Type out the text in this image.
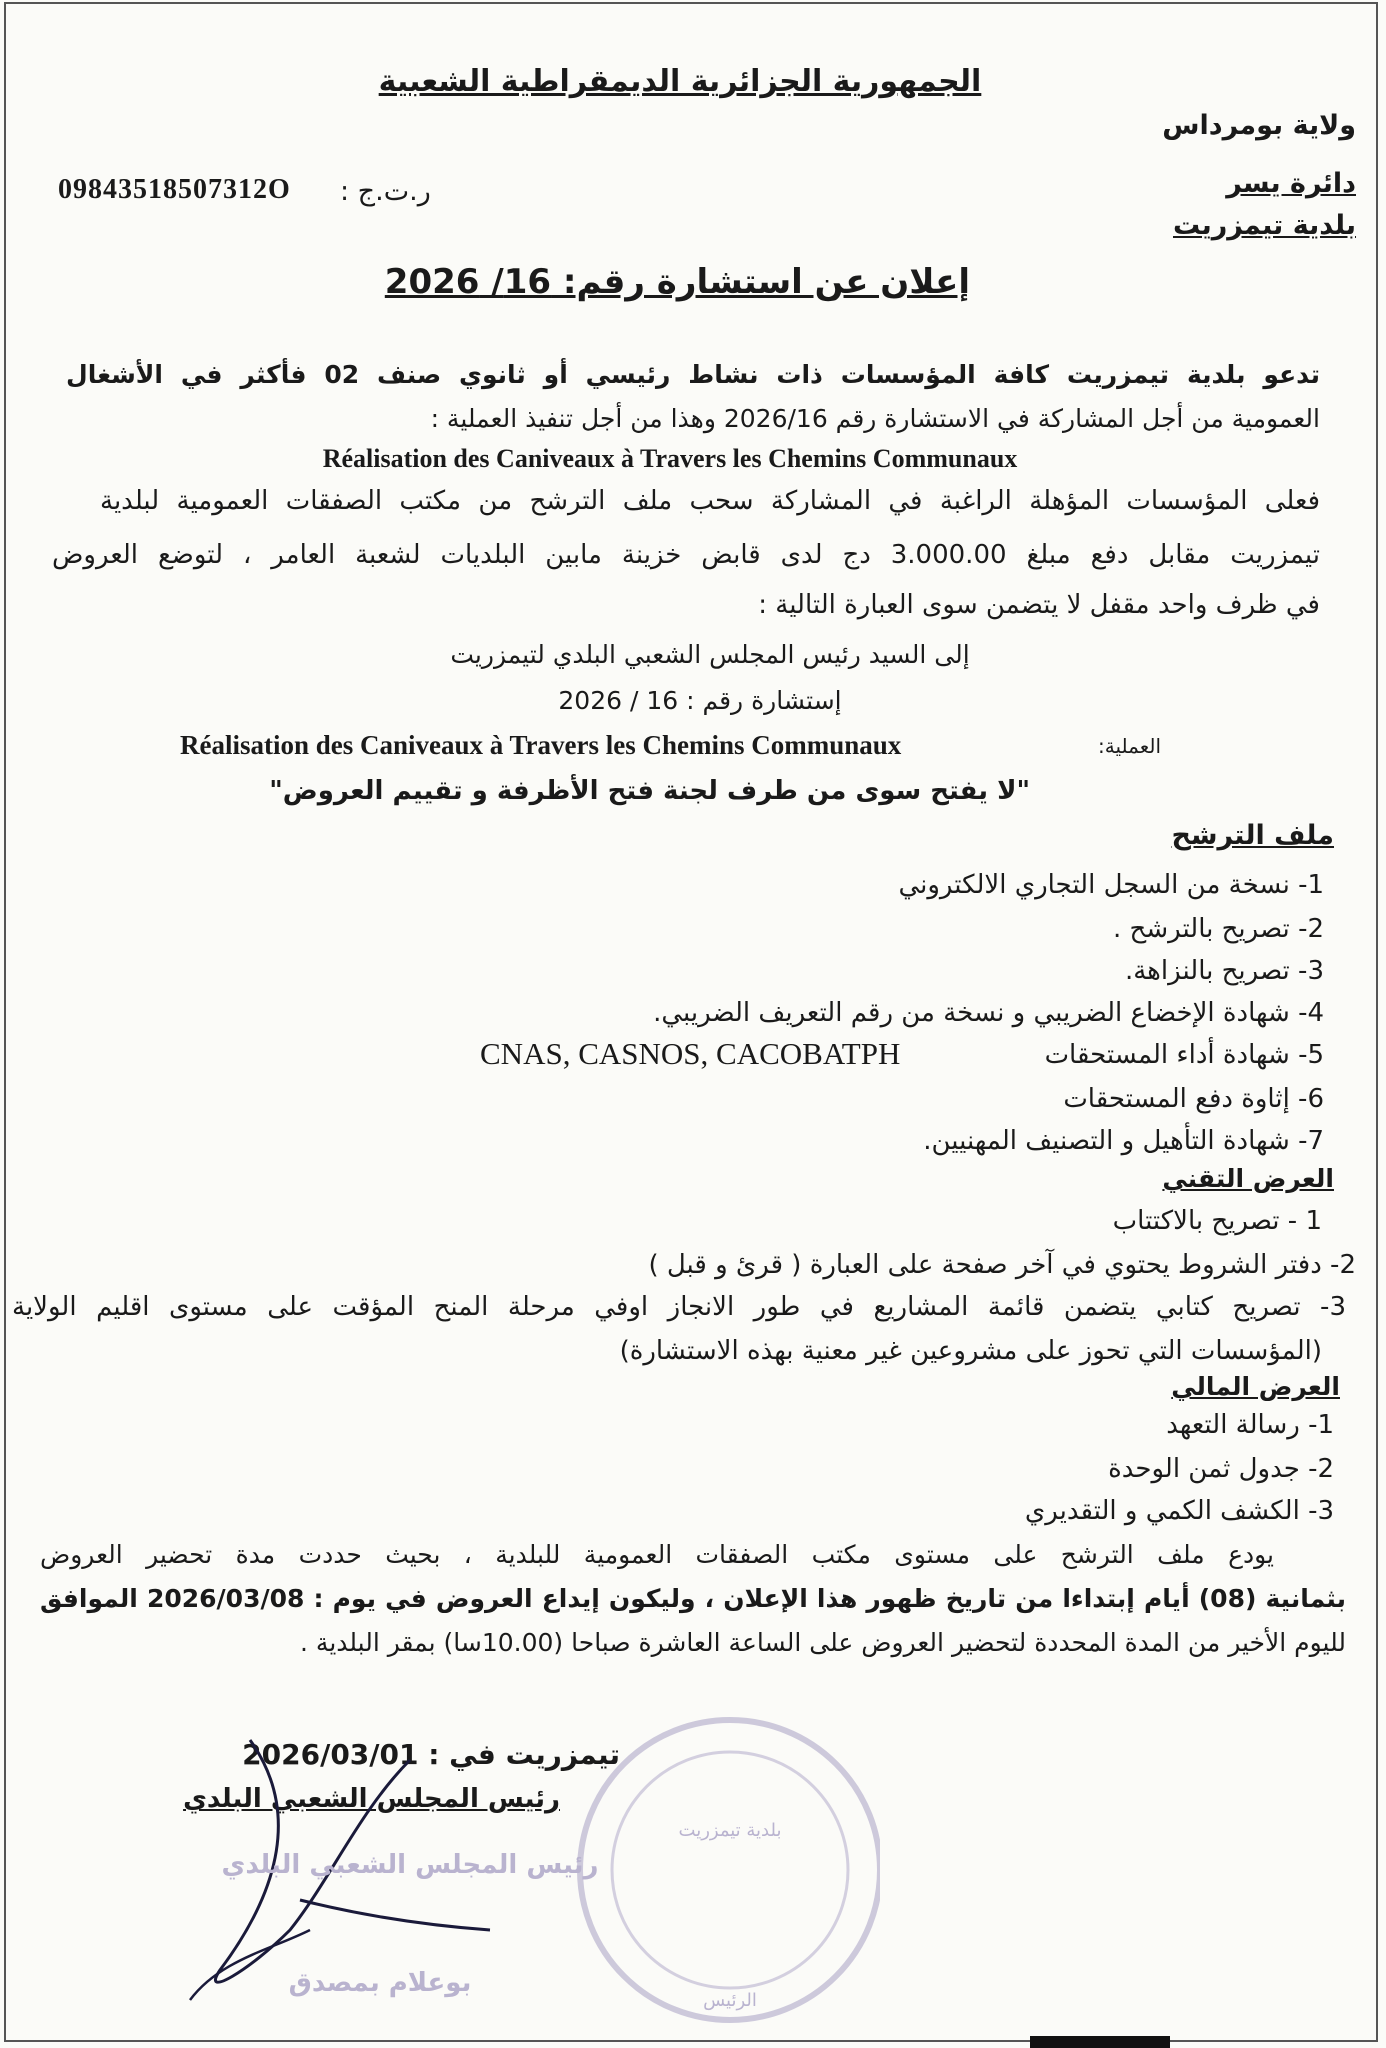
الجمهورية الجزائرية الديمقراطية الشعبية
ولاية بومرداس
دائرة يسر
بلدية تيمزريت
ر.ت.ج :
09843518507312O
إعلان عن استشارة رقم: 16/ 2026
تدعو بلدية تيمزريت كافة المؤسسات ذات نشاط رئيسي أو ثانوي صنف 02 فأكثر في الأشغال
العمومية من أجل المشاركة في الاستشارة رقم 2026/16 وهذا من أجل تنفيذ العملية :
Réalisation des Caniveaux à Travers les Chemins Communaux
فعلى المؤسسات المؤهلة الراغبة في المشاركة سحب ملف الترشح من مكتب الصفقات العمومية لبلدية
تيمزريت مقابل دفع مبلغ 3.000.00 دج لدى قابض خزينة مابين البلديات لشعبة العامر ، لتوضع العروض
في ظرف واحد مقفل لا يتضمن سوى العبارة التالية :
إلى السيد رئيس المجلس الشعبي البلدي لتيمزريت
إستشارة رقم : 16 / 2026
العملية:
Réalisation des Caniveaux à Travers les Chemins Communaux
"لا يفتح سوى من طرف لجنة فتح الأظرفة و تقييم العروض"
ملف الترشح
1- نسخة من السجل التجاري الالكتروني
2- تصريح بالترشح .
3- تصريح بالنزاهة.
4- شهادة الإخضاع الضريبي و نسخة من رقم التعريف الضريبي.
5- شهادة أداء المستحقات
CNAS, CASNOS, CACOBATPH
6- إثاوة دفع المستحقات
7- شهادة التأهيل و التصنيف المهنيين.
العرض التقني
1 - تصريح بالاكتتاب
2- دفتر الشروط يحتوي في آخر صفحة على العبارة ( قرئ و قبل )
3- تصريح كتابي يتضمن قائمة المشاريع في طور الانجاز اوفي مرحلة المنح المؤقت على مستوى اقليم الولاية
(المؤسسات التي تحوز على مشروعين غير معنية بهذه الاستشارة)
العرض المالي
1- رسالة التعهد
2- جدول ثمن الوحدة
3- الكشف الكمي و التقديري
يودع ملف الترشح على مستوى مكتب الصفقات العمومية للبلدية ، بحيث حددت مدة تحضير العروض
بثمانية (08) أيام إبتداءا من تاريخ ظهور هذا الإعلان ، وليكون إيداع العروض في يوم : 2026/03/08 الموافق
لليوم الأخير من المدة المحددة لتحضير العروض على الساعة العاشرة صباحا (10.00سا) بمقر البلدية .
تيمزريت في : 2026/03/01
رئيس المجلس الشعبي البلدي
رئيس المجلس الشعبي البلدي
بوعلام بمصدق
بلدية تيمزريت
الرئيس
